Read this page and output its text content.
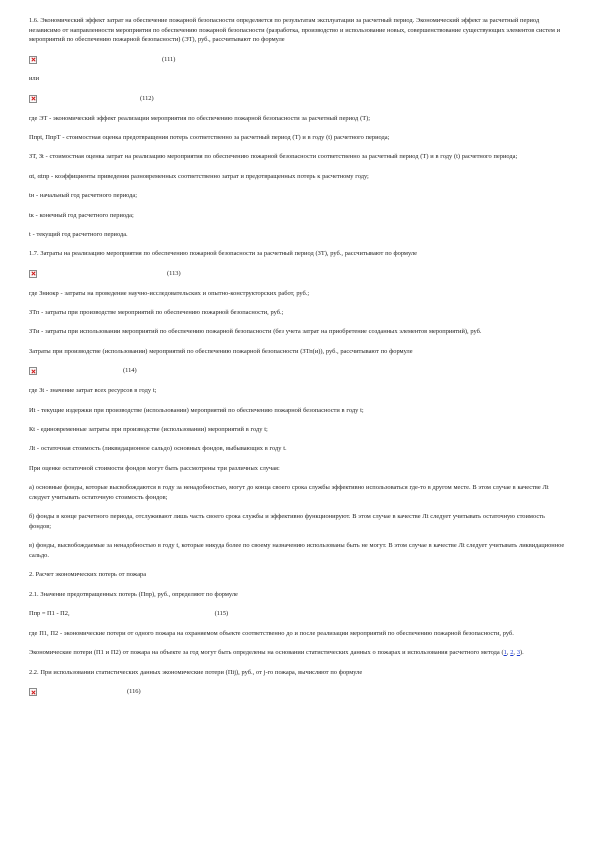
1.6. Экономический эффект затрат на обеспечение пожарной безопасности определяется по результатам эксплуатации за расчетный период. Экономический эффект за расчетный период независимо от направленности мероприятия по обеспечению пожарной безопасности (разработка, производство и использование новых, совершенствование существующих элементов систем и мероприятий по обеспечению пожарной безопасности) (ЭТ), руб., рассчитывают по формуле

(111)

или

(112)

где ЭТ - экономический эффект реализации мероприятия по обеспечению пожарной безопасности за расчетный период (Т);

Ппрt, ПпрТ - стоимостная оценка предотвращения потерь соответственно за расчетный период (Т) и в году (t) расчетного периода;

ЗТ, Зt - стоимостная оценка затрат на реализацию мероприятия по обеспечению пожарной безопасности соответственно за расчетный период (Т) и в году (t) расчетного периода;

αt, αtпр - коэффициенты приведения разновременных соответственно затрат и предотвращенных потерь к расчетному году;

tн - начальный год расчетного периода;

tк - конечный год расчетного периода;

t - текущий год расчетного периода.

1.7. Затраты на реализацию мероприятия по обеспечению пожарной безопасности за расчетный период (ЗТ), руб., рассчитывают по формуле

(113)

где Зниокр - затраты на проведение научно-исследовательских и опытно-конструкторских работ, руб.;

ЗТп - затраты при производстве мероприятий по обеспечению пожарной безопасности, руб.;

ЗТи - затраты при использовании мероприятий по обеспечению пожарной безопасности (без учета затрат на приобретение созданных элементов мероприятий), руб.

Затраты при производстве (использовании) мероприятий по обеспечению пожарной безопасности (ЗТп(и)), руб., рассчитывают по формуле

(114)

где Зt - значение затрат всех ресурсов в году t;

Иt - текущие издержки при производстве (использовании) мероприятий по обеспечению пожарной безопасности в году t;

Кt - единовременные затраты при производстве (использовании) мероприятий в году t;

Лt - остаточная стоимость (ликвидационное сальдо) основных фондов, выбывающих в году t.

При оценке остаточной стоимости фондов могут быть рассмотрены три различных случая:

а) основные фонды, которые высвобождаются в году за ненадобностью, могут до конца своего срока службы эффективно использоваться где-то в другом месте. В этом случае в качестве Лt следует учитывать остаточную стоимость фондов;

б) фонды в конце расчетного периода, отслуживают лишь часть своего срока службы и эффективно функционируют. В этом случае в качестве Лt следует учитывать остаточную стоимость фондов;

в) фонды, высвобождаемые за ненадобностью в году t, которые никуда более по своему назначению использованы быть не могут. В этом случае в качестве Лt следует учитывать ликвидационное сальдо.

2. Расчет экономических потерь от пожара

2.1. Значение предотвращенных потерь (Ппр), руб., определяют по формуле

Ппр = П1 - П2,	(115)

где П1, П2 - экономические потери от одного пожара на охраняемом объекте соответственно до и после реализации мероприятий по обеспечению пожарной безопасности, руб.

Экономические потери (П1 и П2) от пожара на объекте за год могут быть определены на основании статистических данных о пожарах и использования расчетного метода (1, 2, 3).

2.2. При использовании статистических данных экономические потери (Пij), руб., от j-го пожара, вычисляют по формуле

(116)
